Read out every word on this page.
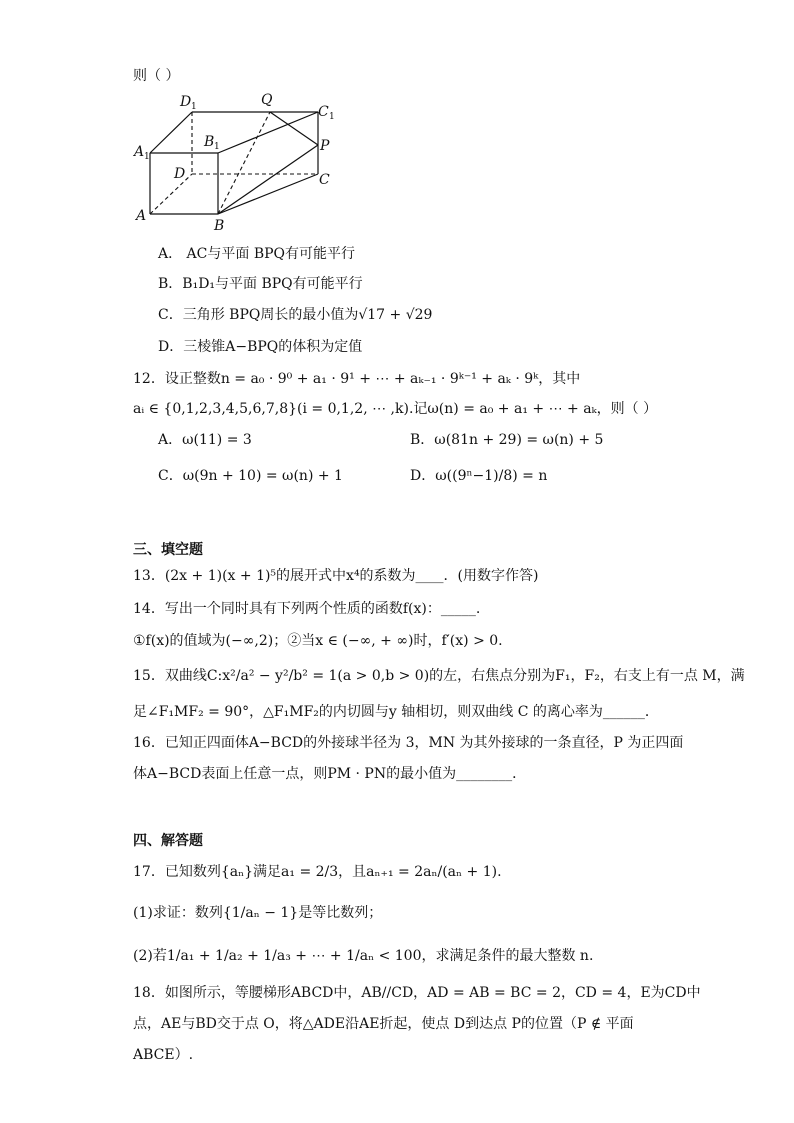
则（ ）
D 1	Q
C 1
A 1
B 1	P
D	C
A
B
A． AC与平面 BPQ有可能平行
B．B₁D₁与平面 BPQ有可能平行
C．三角形 BPQ周长的最小值为√17 + √29
D．三棱锥A−BPQ的体积为定值
12．设正整数n = a₀ · 9⁰ + a₁ · 9¹ + ⋯ + aₖ₋₁ · 9ᵏ⁻¹ + aₖ · 9ᵏ，其中
aᵢ ∈ {0,1,2,3,4,5,6,7,8}(i = 0,1,2, ⋯ ,k).记ω(n) = a₀ + a₁ + ⋯ + aₖ，则（ ）
A．ω(11) = 3	B．ω(81n + 29) = ω(n) + 5
C．ω(9n + 10) = ω(n) + 1	D．ω((9ⁿ−1)/8) = n
三、填空题
13．(2x + 1)(x + 1)⁵的展开式中x⁴的系数为____．(用数字作答)
14．写出一个同时具有下列两个性质的函数f(x)：_____.
①f(x)的值域为(−∞,2)；②当x ∈ (−∞, + ∞)时，f′(x) > 0.
15．双曲线C:x²/a² − y²/b² = 1(a > 0,b > 0)的左，右焦点分别为F₁，F₂，右支上有一点 M，满
足∠F₁MF₂ = 90°，△F₁MF₂的内切圆与y 轴相切，则双曲线 C 的离心率为______．
16．已知正四面体A−BCD的外接球半径为 3，MN 为其外接球的一条直径，P 为正四面
体A−BCD表面上任意一点，则PM · PN的最小值为________．
四、解答题
17．已知数列{aₙ}满足a₁ = 2/3，且aₙ₊₁ = 2aₙ/(aₙ + 1).
(1)求证：数列{1/aₙ − 1}是等比数列；
(2)若1/a₁ + 1/a₂ + 1/a₃ + ⋯ + 1/aₙ < 100，求满足条件的最大整数 n.
18．如图所示，等腰梯形ABCD中，AB//CD，AD = AB = BC = 2，CD = 4，E为CD中
点，AE与BD交于点 O，将△ADE沿AE折起，使点 D到达点 P的位置（P ∉ 平面
ABCE）.
